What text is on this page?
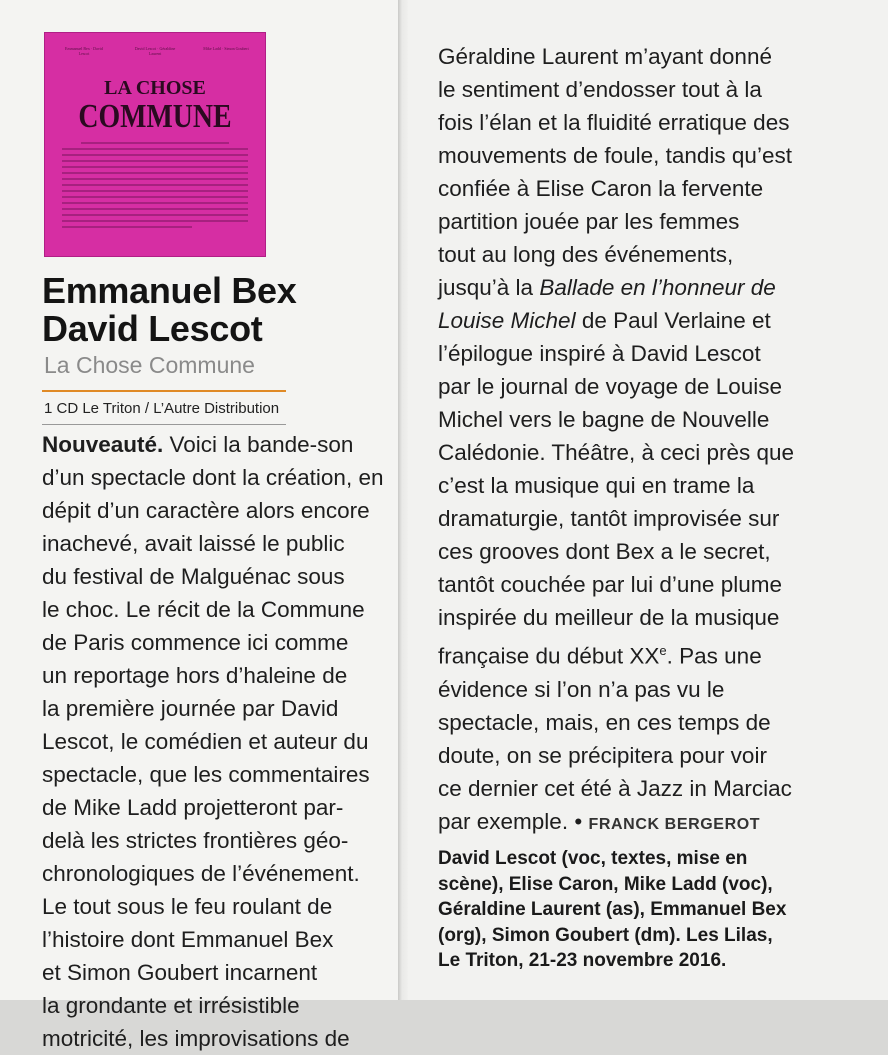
Emmanuel Bex · David Lescot
David Lescot · Géraldine Laurent
Mike Ladd · Simon Goubert
LA CHOSE
COMMUNE
Emmanuel Bex
David Lescot
La Chose Commune
1 CD Le Triton / L’Autre Distribution

Nouveauté. Voici la bande-son

d’un spectacle dont la création, en

dépit d’un caractère alors encore

inachevé, avait laissé le public

du festival de Malguénac sous

le choc. Le récit de la Commune

de Paris commence ici comme

un reportage hors d’haleine de

la première journée par David

Lescot, le comédien et auteur du

spectacle, que les commentaires

de Mike Ladd projetteront par-

delà les strictes frontières géo-

chronologiques de l’événement.

Le tout sous le feu roulant de

l’histoire dont Emmanuel Bex

et Simon Goubert incarnent

la grondante et irrésistible

motricité, les improvisations de

Géraldine Laurent m’ayant donné

le sentiment d’endosser tout à la

fois l’élan et la fluidité erratique des

mouvements de foule, tandis qu’est

confiée à Elise Caron la fervente

partition jouée par les femmes

tout au long des événements,

jusqu’à la Ballade en l’honneur de

Louise Michel de Paul Verlaine et

l’épilogue inspiré à David Lescot

par le journal de voyage de Louise

Michel vers le bagne de Nouvelle

Calédonie. Théâtre, à ceci près que

c’est la musique qui en trame la

dramaturgie, tantôt improvisée sur

ces grooves dont Bex a le secret,

tantôt couchée par lui d’une plume

inspirée du meilleur de la musique

française du début XXe. Pas une

évidence si l’on n’a pas vu le

spectacle, mais, en ces temps de

doute, on se précipitera pour voir

ce dernier cet été à Jazz in Marciac

par exemple. • FRANCK BERGEROT

David Lescot (voc, textes, mise en

scène), Elise Caron, Mike Ladd (voc),

Géraldine Laurent (as), Emmanuel Bex

(org), Simon Goubert (dm). Les Lilas,

Le Triton, 21-23 novembre 2016.
